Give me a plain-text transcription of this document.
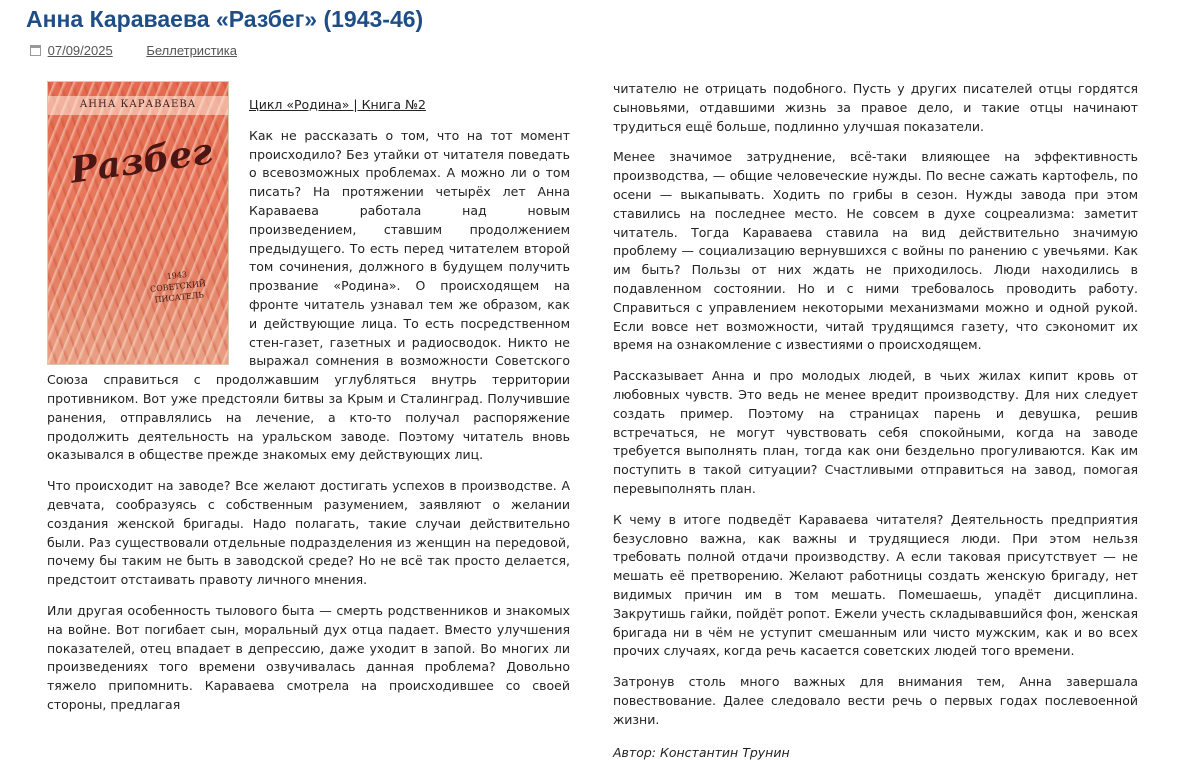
Анна Караваева «Разбег» (1943-46)
07/09/2025	Беллетристика
АННА КАРАВАЕВА
Разбег
1943
СОВЕТСКИЙ
ПИСАТЕЛЬ

Цикл «Родина» | Книга №2

Как не рассказать о том, что на тот момент происходило? Без утайки от читателя поведать о всевозможных проблемах. А можно ли о том писать? На протяжении четырёх лет Анна Караваева работала над новым произведением, ставшим продолжением предыдущего. То есть перед читателем второй том сочинения, должного в будущем получить прозвание «Родина». О происходящем на фронте читатель узнавал тем же образом, как и действующие лица. То есть посредственном стен-газет, газетных и радиосводок. Никто не выражал сомнения в возможности Советского Союза справиться с продолжавшим углубляться внутрь территории противником. Вот уже предстояли битвы за Крым и Сталинград. Получившие ранения, отправлялись на лечение, а кто-то получал распоряжение продолжить деятельность на уральском заводе. Поэтому читатель вновь оказывался в обществе прежде знакомых ему действующих лиц.

Что происходит на заводе? Все желают достигать успехов в производстве. А девчата, сообразуясь с собственным разумением, заявляют о желании создания женской бригады. Надо полагать, такие случаи действительно были. Раз существовали отдельные подразделения из женщин на передовой, почему бы таким не быть в заводской среде? Но не всё так просто делается, предстоит отстаивать правоту личного мнения.

Или другая особенность тылового быта — смерть родственников и знакомых на войне. Вот погибает сын, моральный дух отца падает. Вместо улучшения показателей, отец впадает в депрессию, даже уходит в запой. Во многих ли произведениях того времени озвучивалась данная проблема? Довольно тяжело припомнить. Караваева смотрела на происходившее со своей стороны, предлагая

читателю не отрицать подобного. Пусть у других писателей отцы гордятся сыновьями, отдавшими жизнь за правое дело, и такие отцы начинают трудиться ещё больше, подлинно улучшая показатели.

Менее значимое затруднение, всё-таки влияющее на эффективность производства, — общие человеческие нужды. По весне сажать картофель, по осени — выкапывать. Ходить по грибы в сезон. Нужды завода при этом ставились на последнее место. Не совсем в духе соцреализма: заметит читатель. Тогда Караваева ставила на вид действительно значимую проблему — социализацию вернувшихся с войны по ранению с увечьями. Как им быть? Пользы от них ждать не приходилось. Люди находились в подавленном состоянии. Но и с ними требовалось проводить работу. Справиться с управлением некоторыми механизмами можно и одной рукой. Если вовсе нет возможности, читай трудящимся газету, что сэкономит их время на ознакомление с известиями о происходящем.

Рассказывает Анна и про молодых людей, в чьих жилах кипит кровь от любовных чувств. Это ведь не менее вредит производству. Для них следует создать пример. Поэтому на страницах парень и девушка, решив встречаться, не могут чувствовать себя спокойными, когда на заводе требуется выполнять план, тогда как они бездельно прогуливаются. Как им поступить в такой ситуации? Счастливыми отправиться на завод, помогая перевыполнять план.

К чему в итоге подведёт Караваева читателя? Деятельность предприятия безусловно важна, как важны и трудящиеся люди. При этом нельзя требовать полной отдачи производству. А если таковая присутствует — не мешать её претворению. Желают работницы создать женскую бригаду, нет видимых причин им в том мешать. Помешаешь, упадёт дисциплина. Закрутишь гайки, пойдёт ропот. Ежели учесть складывавшийся фон, женская бригада ни в чём не уступит смешанным или чисто мужским, как и во всех прочих случаях, когда речь касается советских людей того времени.

Затронув столь много важных для внимания тем, Анна завершала повествование. Далее следовало вести речь о первых годах послевоенной жизни.

Автор: Константин Трунин
